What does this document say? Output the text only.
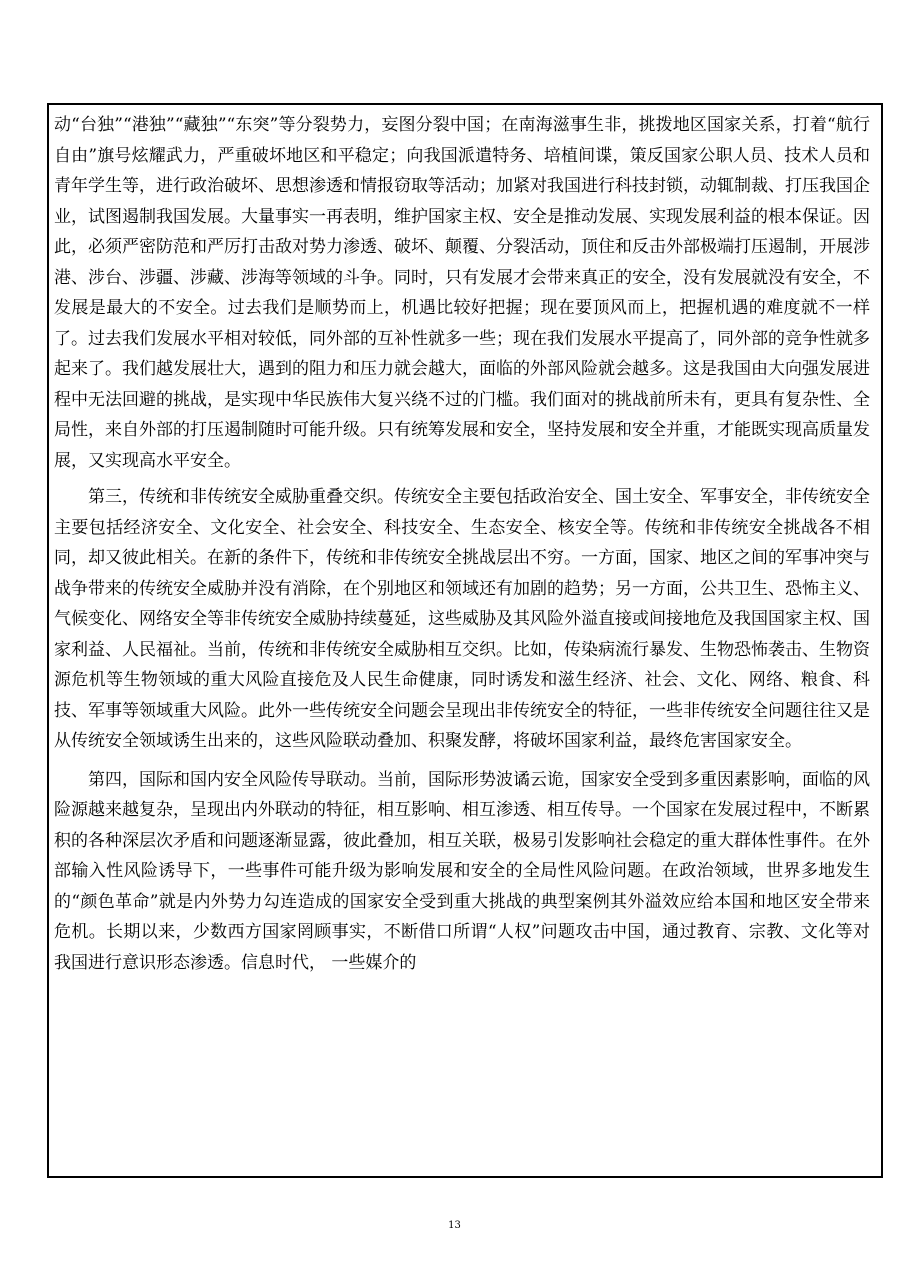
动“台独”“港独”“藏独”“东突”等分裂势力，妄图分裂中国；在南海滋事生非，挑拨地区国家关系，打着“航行自由”旗号炫耀武力，严重破坏地区和平稳定；向我国派遣特务、培植间谍，策反国家公职人员、技术人员和青年学生等，进行政治破坏、思想渗透和情报窃取等活动；加紧对我国进行科技封锁，动辄制裁、打压我国企业，试图遏制我国发展。大量事实一再表明，维护国家主权、安全是推动发展、实现发展利益的根本保证。因此，必须严密防范和严厉打击敌对势力渗透、破坏、颠覆、分裂活动，顶住和反击外部极端打压遏制，开展涉港、涉台、涉疆、涉藏、涉海等领域的斗争。同时，只有发展才会带来真正的安全，没有发展就没有安全，不发展是最大的不安全。过去我们是顺势而上，机遇比较好把握；现在要顶风而上，把握机遇的难度就不一样了。过去我们发展水平相对较低，同外部的互补性就多一些；现在我们发展水平提高了，同外部的竞争性就多起来了。我们越发展壮大，遇到的阻力和压力就会越大，面临的外部风险就会越多。这是我国由大向强发展进程中无法回避的挑战，是实现中华民族伟大复兴绕不过的门槛。我们面对的挑战前所未有，更具有复杂性、全局性，来自外部的打压遏制随时可能升级。只有统筹发展和安全，坚持发展和安全并重，才能既实现高质量发展，又实现高水平安全。

第三，传统和非传统安全威胁重叠交织。传统安全主要包括政治安全、国土安全、军事安全，非传统安全主要包括经济安全、文化安全、社会安全、科技安全、生态安全、核安全等。传统和非传统安全挑战各不相同，却又彼此相关。在新的条件下，传统和非传统安全挑战层出不穷。一方面，国家、地区之间的军事冲突与战争带来的传统安全威胁并没有消除，在个别地区和领域还有加剧的趋势；另一方面，公共卫生、恐怖主义、气候变化、网络安全等非传统安全威胁持续蔓延，这些威胁及其风险外溢直接或间接地危及我国国家主权、国家利益、人民福祉。当前，传统和非传统安全威胁相互交织。比如，传染病流行暴发、生物恐怖袭击、生物资源危机等生物领域的重大风险直接危及人民生命健康，同时诱发和滋生经济、社会、文化、网络、粮食、科技、军事等领域重大风险。此外一些传统安全问题会呈现出非传统安全的特征，一些非传统安全问题往往又是从传统安全领域诱生出来的，这些风险联动叠加、积聚发酵，将破坏国家利益，最终危害国家安全。

第四，国际和国内安全风险传导联动。当前，国际形势波谲云诡，国家安全受到多重因素影响，面临的风险源越来越复杂，呈现出内外联动的特征，相互影响、相互渗透、相互传导。一个国家在发展过程中，不断累积的各种深层次矛盾和问题逐渐显露，彼此叠加，相互关联，极易引发影响社会稳定的重大群体性事件。在外部输入性风险诱导下，一些事件可能升级为影响发展和安全的全局性风险问题。在政治领域，世界多地发生的“颜色革命”就是内外势力勾连造成的国家安全受到重大挑战的典型案例其外溢效应给本国和地区安全带来危机。长期以来，少数西方国家罔顾事实，不断借口所谓“人权”问题攻击中国，通过教育、宗教、文化等对我国进行意识形态渗透。信息时代， 一些媒介的

13
